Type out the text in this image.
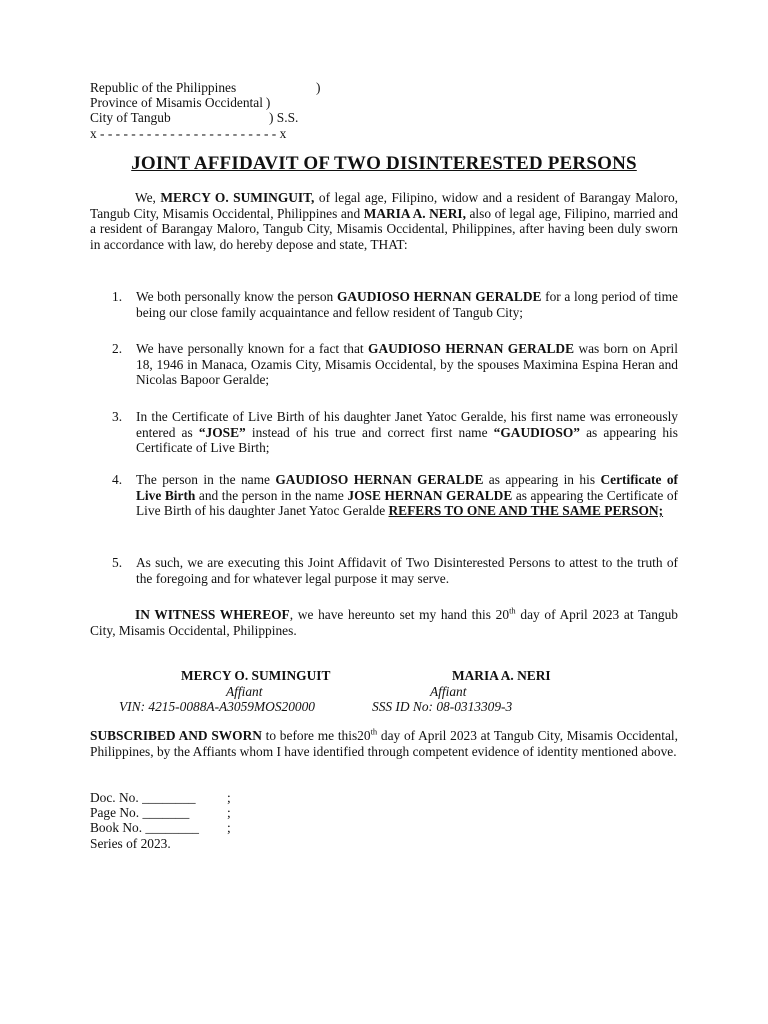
Republic of the Philippines	)
Province of Misamis Occidental )
City of Tangub	) S.S.
x - - - - - - - - - - - - - - - - - - - - - - - x
JOINT AFFIDAVIT OF TWO DISINTERESTED PERSONS

We, MERCY O. SUMINGUIT, of legal age, Filipino, widow and a resident of Barangay Maloro, Tangub City, Misamis Occidental, Philippines and MARIA A. NERI, also of legal age, Filipino, married and a resident of Barangay Maloro, Tangub City, Misamis Occidental, Philippines, after having been duly sworn in accordance with law, do hereby depose and state, THAT:

1. We both personally know the person GAUDIOSO HERNAN GERALDE for a long period of time being our close family acquaintance and fellow resident of Tangub City;
2. We have personally known for a fact that GAUDIOSO HERNAN GERALDE was born on April 18, 1946 in Manaca, Ozamis City, Misamis Occidental, by the spouses Maximina Espina Heran and Nicolas Bapoor Geralde;
3. In the Certificate of Live Birth of his daughter Janet Yatoc Geralde, his first name was erroneously entered as “JOSE” instead of his true and correct first name “GAUDIOSO” as appearing his Certificate of Live Birth;
4. The person in the name GAUDIOSO HERNAN GERALDE as appearing in his Certificate of Live Birth and the person in the name JOSE HERNAN GERALDE as appearing the Certificate of Live Birth of his daughter Janet Yatoc Geralde REFERS TO ONE AND THE SAME PERSON;
5. As such, we are executing this Joint Affidavit of Two Disinterested Persons to attest to the truth of the foregoing and for whatever legal purpose it may serve.

IN WITNESS WHEREOF, we have hereunto set my hand this 20th day of April 2023 at Tangub City, Misamis Occidental, Philippines.

MERCY O. SUMINGUIT
Affiant
VIN: 4215-0088A-A3059MOS20000
MARIA A. NERI
Affiant
SSS ID No: 08-0313309-3

SUBSCRIBED AND SWORN to before me this20th day of April 2023 at Tangub City, Misamis Occidental, Philippines, by the Affiants whom I have identified through competent evidence of identity mentioned above.

Doc. No. ________ ;
Page No. _______	;
Book No. ________ ;
Series of 2023.
